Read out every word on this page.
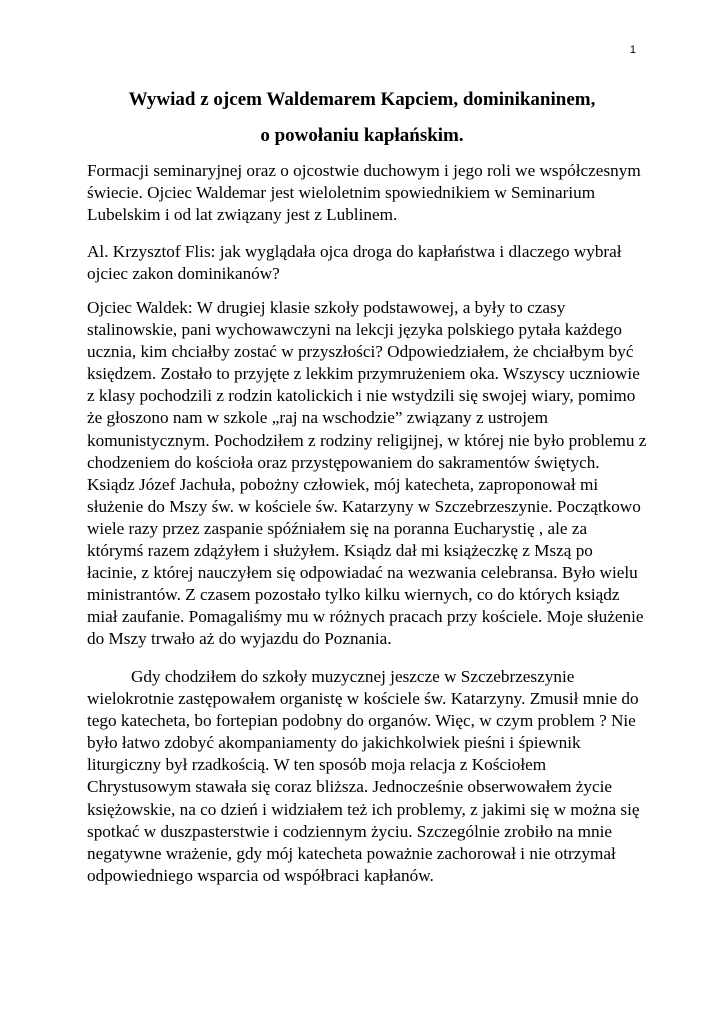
1
Wywiad z ojcem Waldemarem Kapciem, dominikaninem,
o powołaniu kapłańskim.

Formacji seminaryjnej oraz o ojcostwie duchowym i jego roli we współczesnym świecie. Ojciec Waldemar jest wieloletnim spowiednikiem w Seminarium Lubelskim i od lat związany jest z Lublinem.

Al. Krzysztof Flis: jak wyglądała ojca droga do kapłaństwa i dlaczego wybrał ojciec zakon dominikanów?

Ojciec Waldek: W drugiej klasie szkoły podstawowej, a były to czasy stalinowskie, pani wychowawczyni na lekcji języka polskiego pytała każdego ucznia, kim chciałby zostać w przyszłości? Odpowiedziałem, że chciałbym być księdzem. Zostało to przyjęte z lekkim przymrużeniem oka. Wszyscy uczniowie z klasy pochodzili z rodzin katolickich i nie wstydzili się swojej wiary, pomimo że głoszono nam w szkole „raj na wschodzie” związany z ustrojem komunistycznym. Pochodziłem z rodziny religijnej, w której nie było problemu z chodzeniem do kościoła oraz przystępowaniem do sakramentów świętych. Ksiądz Józef Jachuła, pobożny człowiek, mój katecheta, zaproponował mi służenie do Mszy św. w kościele św. Katarzyny w Szczebrzeszynie. Początkowo wiele razy przez zaspanie spóźniałem się na poranna Eucharystię , ale za którymś razem zdążyłem i służyłem. Ksiądz dał mi książeczkę z Mszą po łacinie, z której nauczyłem się odpowiadać na wezwania celebransa. Było wielu ministrantów. Z czasem pozostało tylko kilku wiernych, co do których ksiądz miał zaufanie. Pomagaliśmy mu w różnych pracach przy kościele. Moje służenie do Mszy trwało aż do wyjazdu do Poznania.

Gdy chodziłem do szkoły muzycznej jeszcze w Szczebrzeszynie wielokrotnie zastępowałem organistę w kościele św. Katarzyny. Zmusił mnie do tego katecheta, bo fortepian podobny do organów. Więc, w czym problem ? Nie było łatwo zdobyć akompaniamenty do jakichkolwiek pieśni i śpiewnik liturgiczny był rzadkością. W ten sposób moja relacja z Kościołem Chrystusowym stawała się coraz bliższa. Jednocześnie obserwowałem życie księżowskie, na co dzień i widziałem też ich problemy, z jakimi się w można się spotkać w duszpasterstwie i codziennym życiu. Szczególnie zrobiło na mnie negatywne wrażenie, gdy mój katecheta poważnie zachorował i nie otrzymał odpowiedniego wsparcia od współbraci kapłanów.
